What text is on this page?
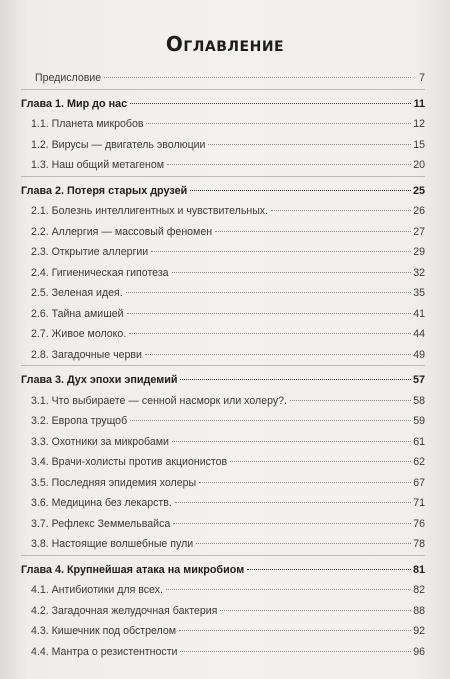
Оглавление
Предисловие	7
Глава 1. Мир до нас	11
1.1. Планета микробов	12
1.2. Вирусы — двигатель эволюции	15
1.3. Наш общий метагеном	20
Глава 2. Потеря старых друзей	25
2.1. Болезнь интеллигентных и чувствительных.	26
2.2. Аллергия — массовый феномен	27
2.3. Открытие аллергии	29
2.4. Гигиеническая гипотеза	32
2.5. Зеленая идея.	35
2.6. Тайна амишей	41
2.7. Живое молоко.	44
2.8. Загадочные черви	49
Глава 3. Дух эпохи эпидемий	57
3.1. Что выбираете — сенной насморк или холеру?.	58
3.2. Европа трущоб	59
3.3. Охотники за микробами	61
3.4. Врачи-холисты против акционистов	62
3.5. Последняя эпидемия холеры	67
3.6. Медицина без лекарств.	71
3.7. Рефлекс Земмельвайса	76
3.8. Настоящие волшебные пули	78
Глава 4. Крупнейшая атака на микробиом	81
4.1. Антибиотики для всех.	82
4.2. Загадочная желудочная бактерия	88
4.3. Кишечник под обстрелом	92
4.4. Мантра о резистентности	96
